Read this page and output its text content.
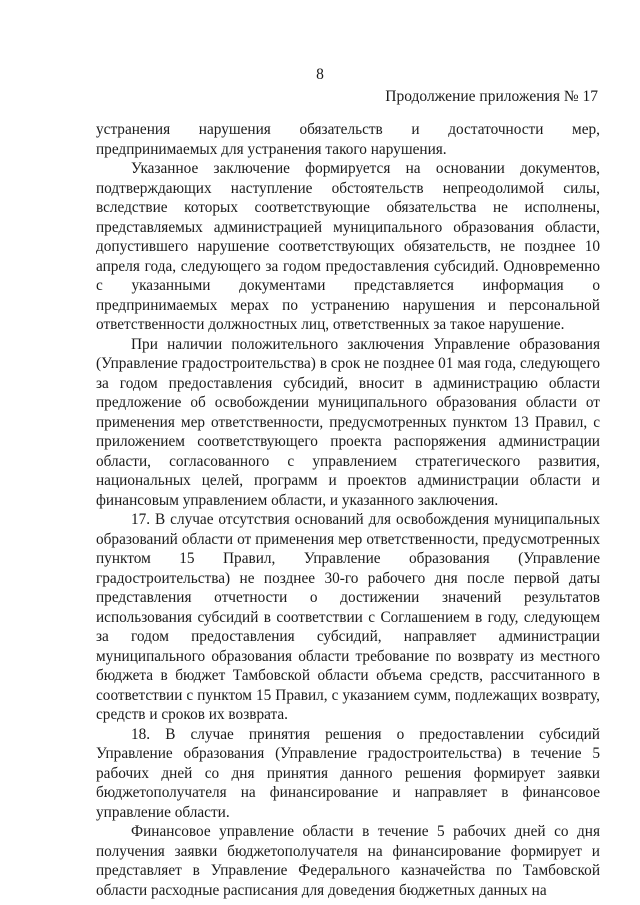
8
Продолжение приложения № 17

устранения нарушения обязательств и достаточности мер, предпринимаемых для устранения такого нарушения.

Указанное заключение формируется на основании документов, подтверждающих наступление обстоятельств непреодолимой силы, вследствие которых соответствующие обязательства не исполнены, представляемых администрацией муниципального образования области, допустившего нарушение соответствующих обязательств, не позднее 10 апреля года, следующего за годом предоставления субсидий. Одновременно с указанными документами представляется информация о предпринимаемых мерах по устранению нарушения и персональной ответственности должностных лиц, ответственных за такое нарушение.

При наличии положительного заключения Управление образования (Управление градостроительства) в срок не позднее 01 мая года, следующего за годом предоставления субсидий, вносит в администрацию области предложение об освобождении муниципального образования области от применения мер ответственности, предусмотренных пунктом 13 Правил, с приложением соответствующего проекта распоряжения администрации области, согласованного с управлением стратегического развития, национальных целей, программ и проектов администрации области и финансовым управлением области, и указанного заключения.

17. В случае отсутствия оснований для освобождения муниципальных образований области от применения мер ответственности, предусмотренных пунктом 15 Правил, Управление образования (Управление градостроительства) не позднее 30-го рабочего дня после первой даты представления отчетности о достижении значений результатов использования субсидий в соответствии с Соглашением в году, следующем за годом предоставления субсидий, направляет администрации муниципального образования области требование по возврату из местного бюджета в бюджет Тамбовской области объема средств, рассчитанного в соответствии с пунктом 15 Правил, с указанием сумм, подлежащих возврату, средств и сроков их возврата.

18. В случае принятия решения о предоставлении субсидий Управление образования (Управление градостроительства) в течение 5 рабочих дней со дня принятия данного решения формирует заявки бюджетополучателя на финансирование и направляет в финансовое управление области.

Финансовое управление области в течение 5 рабочих дней со дня получения заявки бюджетополучателя на финансирование формирует и представляет в Управление Федерального казначейства по Тамбовской области расходные расписания для доведения бюджетных данных на
